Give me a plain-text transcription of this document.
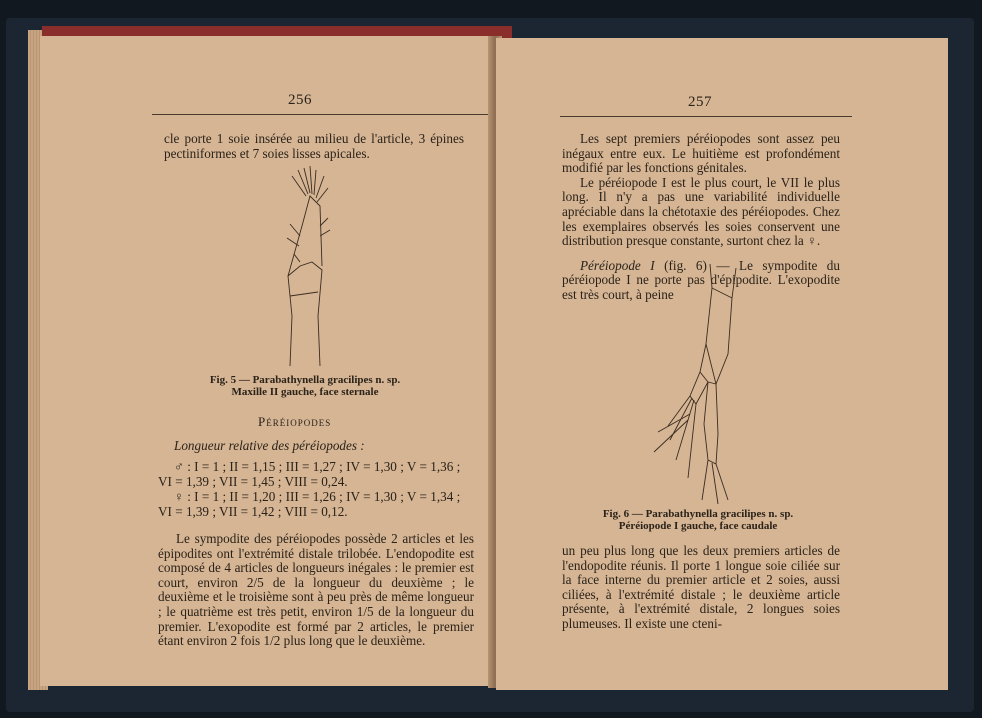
256

cle porte 1 soie insérée au milieu de l'article, 3 épines pectiniformes et 7 soies lisses apicales.

Fig. 5 — Parabathynella gracilipes n. sp.
Maxille II gauche, face sternale
Péréiopodes
Longueur relative des péréiopodes :
♂ : I = 1 ; II = 1,15 ; III = 1,27 ; IV = 1,30 ; V = 1,36 ;
VI = 1,39 ; VII = 1,45 ; VIII = 0,24.
♀ : I = 1 ; II = 1,20 ; III = 1,26 ; IV = 1,30 ; V = 1,34 ;
VI = 1,39 ; VII = 1,42 ; VIII = 0,12.

Le sympodite des péréiopodes possède 2 articles et les épipodites ont l'extrémité distale trilobée. L'endopodite est composé de 4 articles de longueurs inégales : le premier est court, environ 2/5 de la longueur du deuxième ; le deuxième et le troisième sont à peu près de même longueur ; le quatrième est très petit, environ 1/5 de la longueur du premier. L'exopodite est formé par 2 articles, le premier étant environ 2 fois 1/2 plus long que le deuxième.

257

Les sept premiers péréiopodes sont assez peu inégaux entre eux. Le huitième est profondément modifié par les fonctions génitales.

Le péréiopode I est le plus court, le VII le plus long. Il n'y a pas une variabilité individuelle apréciable dans la chétotaxie des péréiopodes. Chez les exemplaires observés les soies conservent une distribution presque constante, surtont chez la ♀.

Péréiopode I (fig. 6) — Le sympodite du péréiopode I ne porte pas d'épipodite. L'exopodite est très court, à peine

Fig. 6 — Parabathynella gracilipes n. sp.
Péréiopode I gauche, face caudale

un peu plus long que les deux premiers articles de l'endopodite réunis. Il porte 1 longue soie ciliée sur la face interne du premier article et 2 soies, aussi ciliées, à l'extrémité distale ; le deuxième article présente, à l'extrémité distale, 2 longues soies plumeuses. Il existe une cteni-
